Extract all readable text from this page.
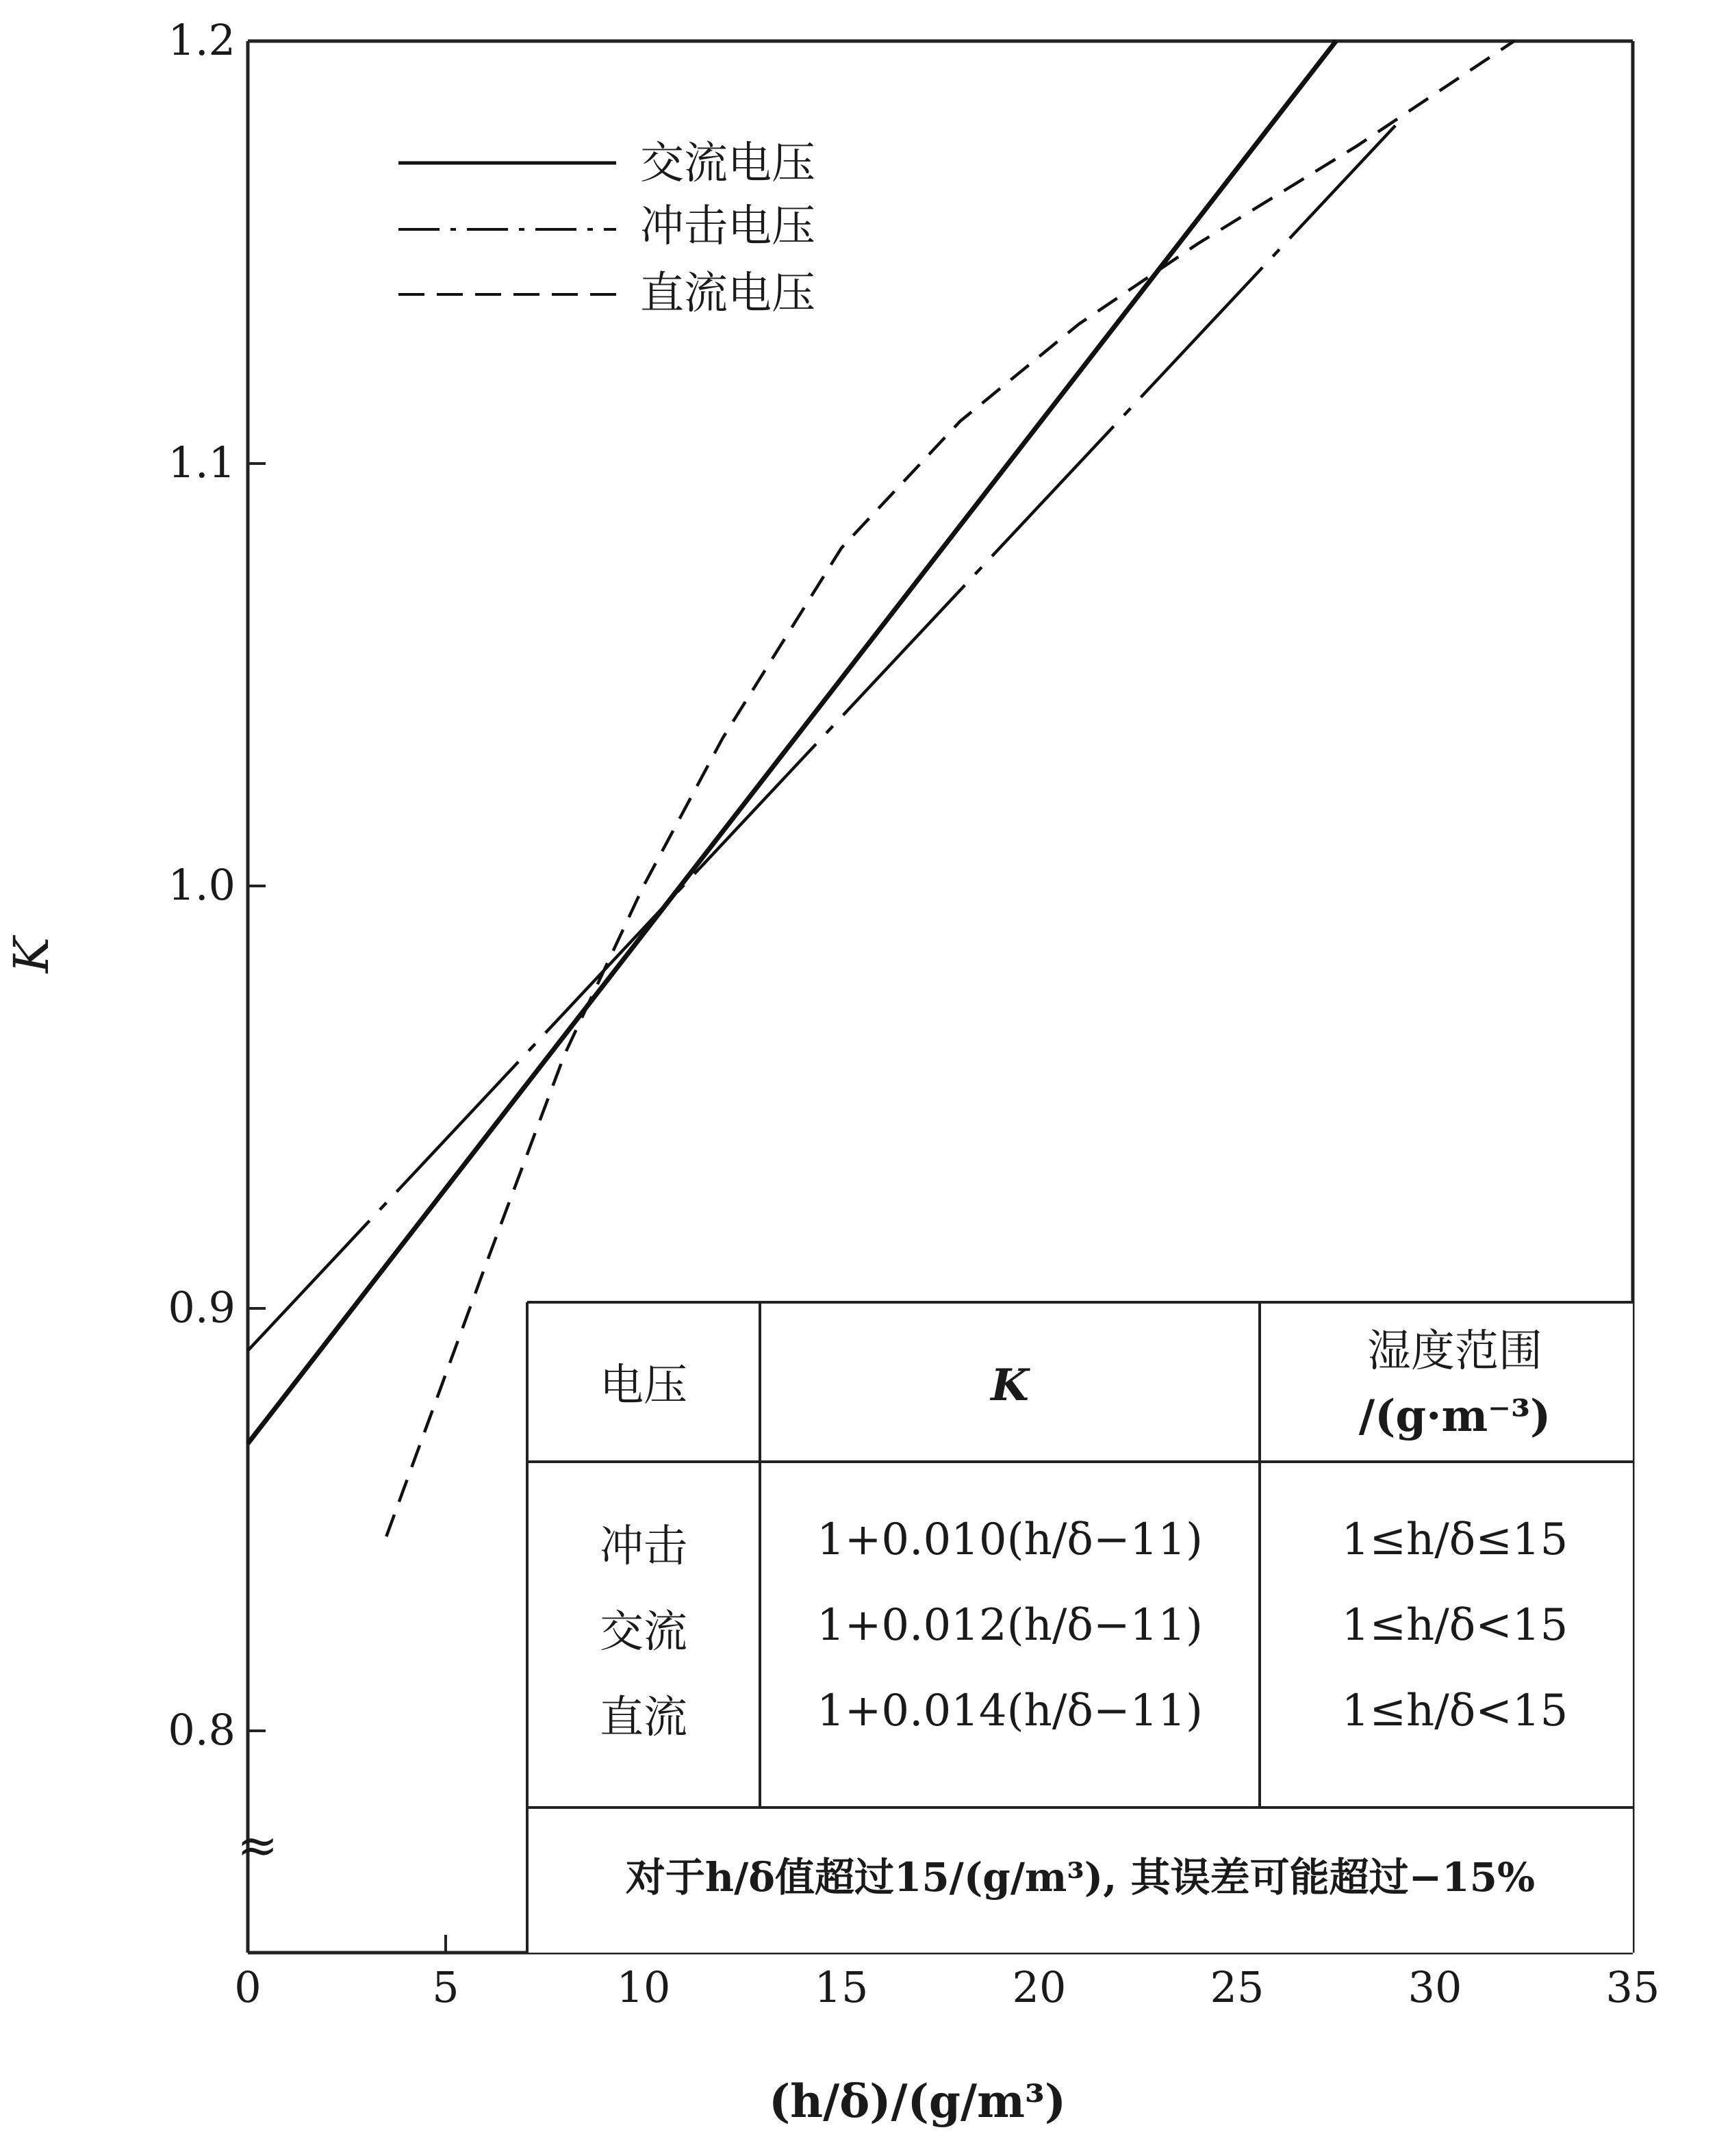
0	5	10	15	20	25	30	35
0.8
0.9
1.0
1.1
1.2
≈
K
(h/δ)/(g/m³)
交流电压
冲击电压
直流电压
电压	K
湿度范围
/(g·m⁻³)
冲击	1+0.010(h/δ−11)	1≤h/δ≤15
交流	1+0.012(h/δ−11)	1≤h/δ<15
直流	1+0.014(h/δ−11)	1≤h/δ<15
对于h/δ值超过15/(g/m³), 其误差可能超过−15%
